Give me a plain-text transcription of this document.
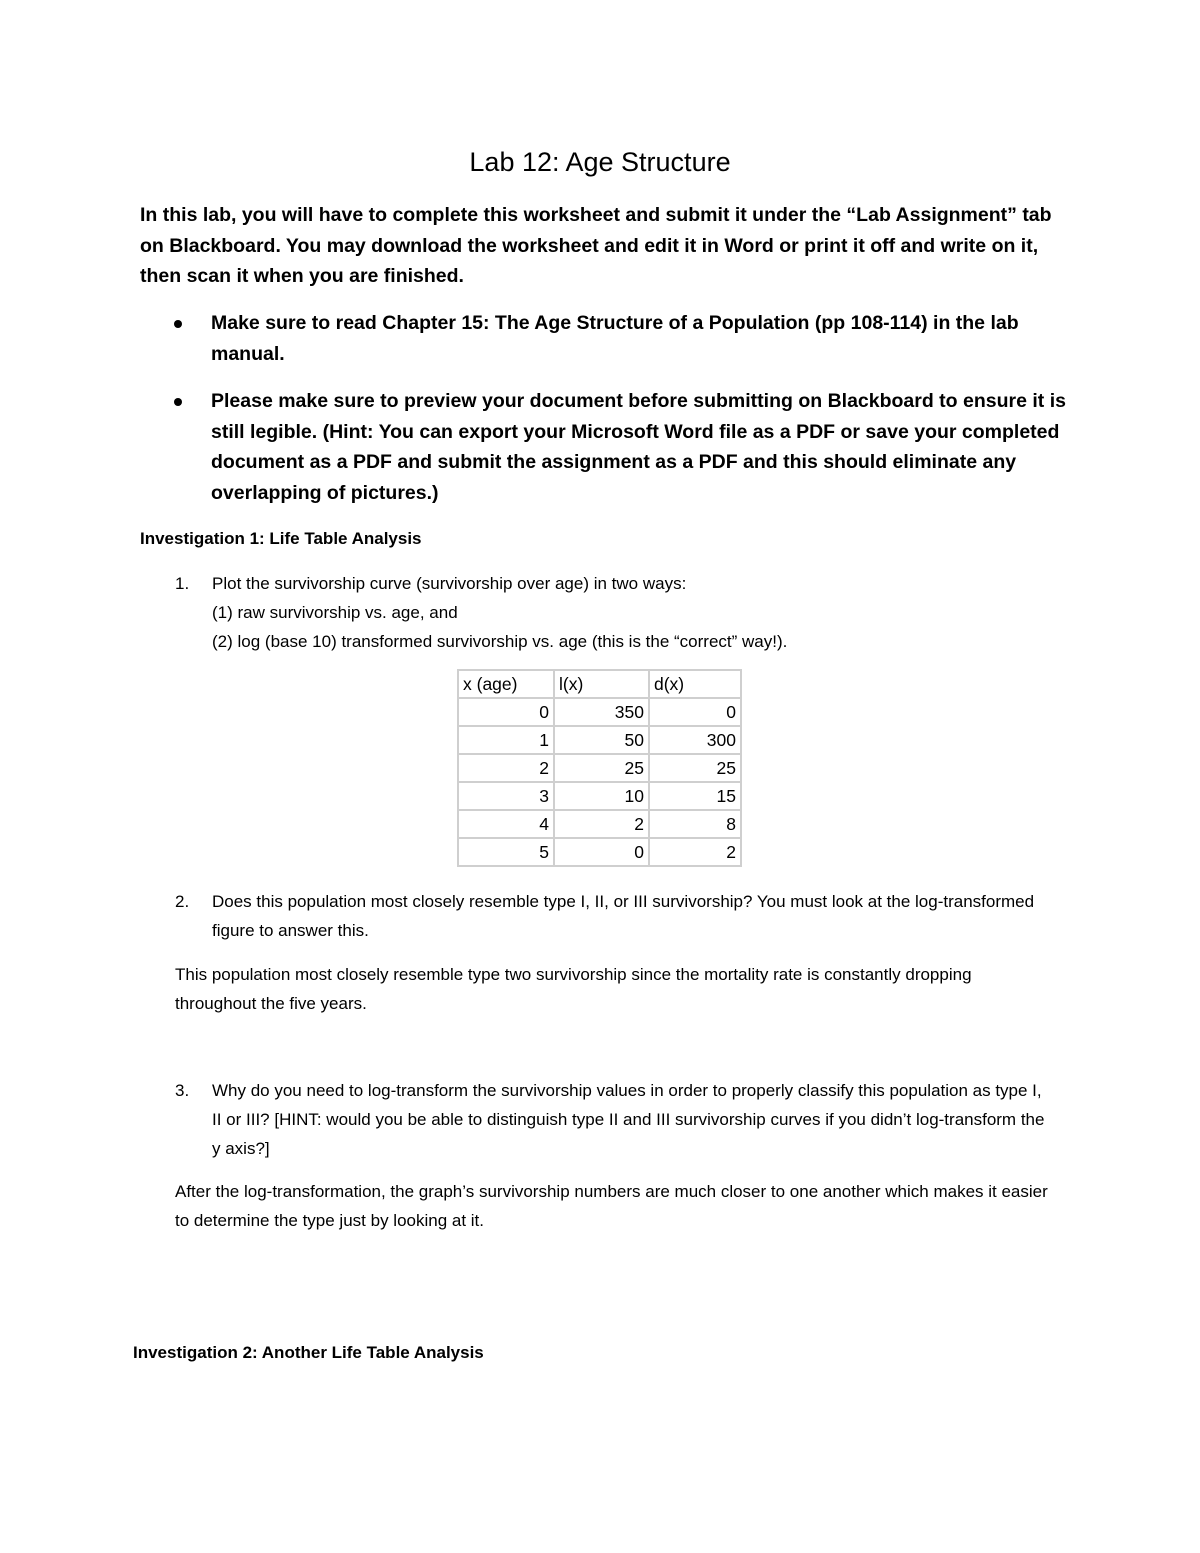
Lab 12: Age Structure
In this lab, you will have to complete this worksheet and submit it under the “Lab Assignment” tab on Blackboard. You may download the worksheet and edit it in Word or print it off and write on it, then scan it when you are finished.
Make sure to read Chapter 15: The Age Structure of a Population (pp 108-114) in the lab manual.
Please make sure to preview your document before submitting on Blackboard to ensure it is still legible. (Hint: You can export your Microsoft Word file as a PDF or save your completed document as a PDF and submit the assignment as a PDF and this should eliminate any overlapping of pictures.)
Investigation 1: Life Table Analysis
1.	Plot the survivorship curve (survivorship over age) in two ways:
(1) raw survivorship vs. age, and
(2) log (base 10) transformed survivorship vs. age (this is the “correct” way!).
x (age)	l(x)	d(x)
0	350	0
1	50	300
2	25	25
3	10	15
4	2	8
5	0	2
2.	Does this population most closely resemble type I, II, or III survivorship? You must look at the log-transformed figure to answer this.
This population most closely resemble type two survivorship since the mortality rate is constantly dropping throughout the five years.
3.	Why do you need to log-transform the survivorship values in order to properly classify this population as type I, II or III? [HINT: would you be able to distinguish type II and III survivorship curves if you didn’t log-transform the y axis?]
After the log-transformation, the graph’s survivorship numbers are much closer to one another which makes it easier to determine the type just by looking at it.
Investigation 2: Another Life Table Analysis
